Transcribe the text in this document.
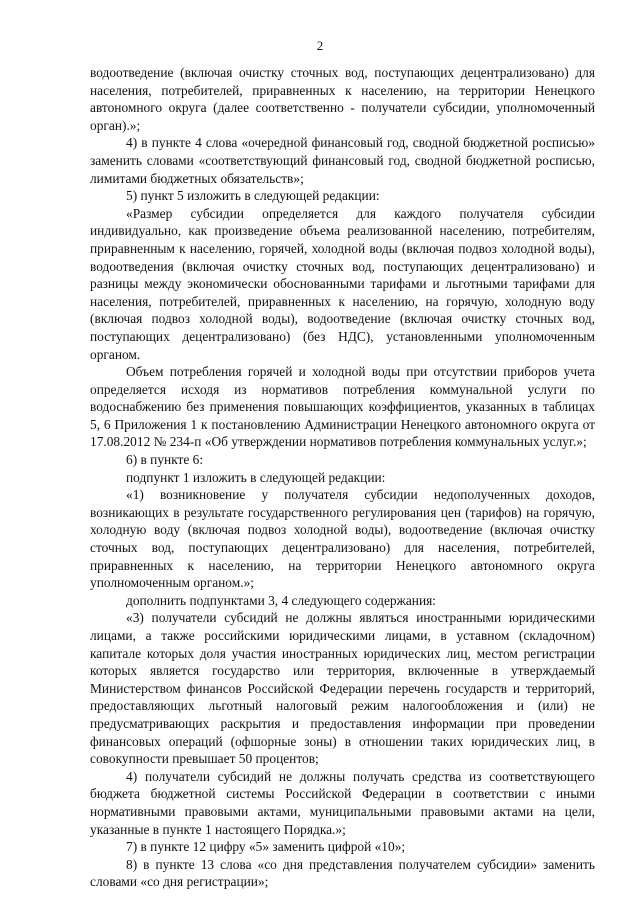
2

водоотведение (включая очистку сточных вод, поступающих децентрализовано) для населения, потребителей, приравненных к населению, на территории Ненецкого автономного округа (далее соответственно - получатели субсидии, уполномоченный орган).»;

4) в пункте 4 слова «очередной финансовый год, сводной бюджетной росписью» заменить словами «соответствующий финансовый год, сводной бюджетной росписью, лимитами бюджетных обязательств»;

5) пункт 5 изложить в следующей редакции:

«Размер субсидии определяется для каждого получателя субсидии индивидуально, как произведение объема реализованной населению, потребителям, приравненным к населению, горячей, холодной воды (включая подвоз холодной воды), водоотведения (включая очистку сточных вод, поступающих децентрализовано) и разницы между экономически обоснованными тарифами и льготными тарифами для населения, потребителей, приравненных к населению, на горячую, холодную воду (включая подвоз холодной воды), водоотведение (включая очистку сточных вод, поступающих децентрализовано) (без НДС), установленными уполномоченным органом.

Объем потребления горячей и холодной воды при отсутствии приборов учета определяется исходя из нормативов потребления коммунальной услуги по водоснабжению без применения повышающих коэффициентов, указанных в таблицах 5, 6 Приложения 1 к постановлению Администрации Ненецкого автономного округа от 17.08.2012 № 234-п «Об утверждении нормативов потребления коммунальных услуг.»;

6) в пункте 6:

подпункт 1 изложить в следующей редакции:

«1) возникновение у получателя субсидии недополученных доходов, возникающих в результате государственного регулирования цен (тарифов) на горячую, холодную воду (включая подвоз холодной воды), водоотведение (включая очистку сточных вод, поступающих децентрализовано) для населения, потребителей, приравненных к населению, на территории Ненецкого автономного округа уполномоченным органом.»;

дополнить подпунктами 3, 4 следующего содержания:

«3) получатели субсидий не должны являться иностранными юридическими лицами, а также российскими юридическими лицами, в уставном (складочном) капитале которых доля участия иностранных юридических лиц, местом регистрации которых является государство или территория, включенные в утверждаемый Министерством финансов Российской Федерации перечень государств и территорий, предоставляющих льготный налоговый режим налогообложения и (или) не предусматривающих раскрытия и предоставления информации при проведении финансовых операций (офшорные зоны) в отношении таких юридических лиц, в совокупности превышает 50 процентов;

4) получатели субсидий не должны получать средства из соответствующего бюджета бюджетной системы Российской Федерации в соответствии с иными нормативными правовыми актами, муниципальными правовыми актами на цели, указанные в пункте 1 настоящего Порядка.»;

7) в пункте 12 цифру «5» заменить цифрой «10»;

8) в пункте 13 слова «со дня представления получателем субсидии» заменить словами «со дня регистрации»;
